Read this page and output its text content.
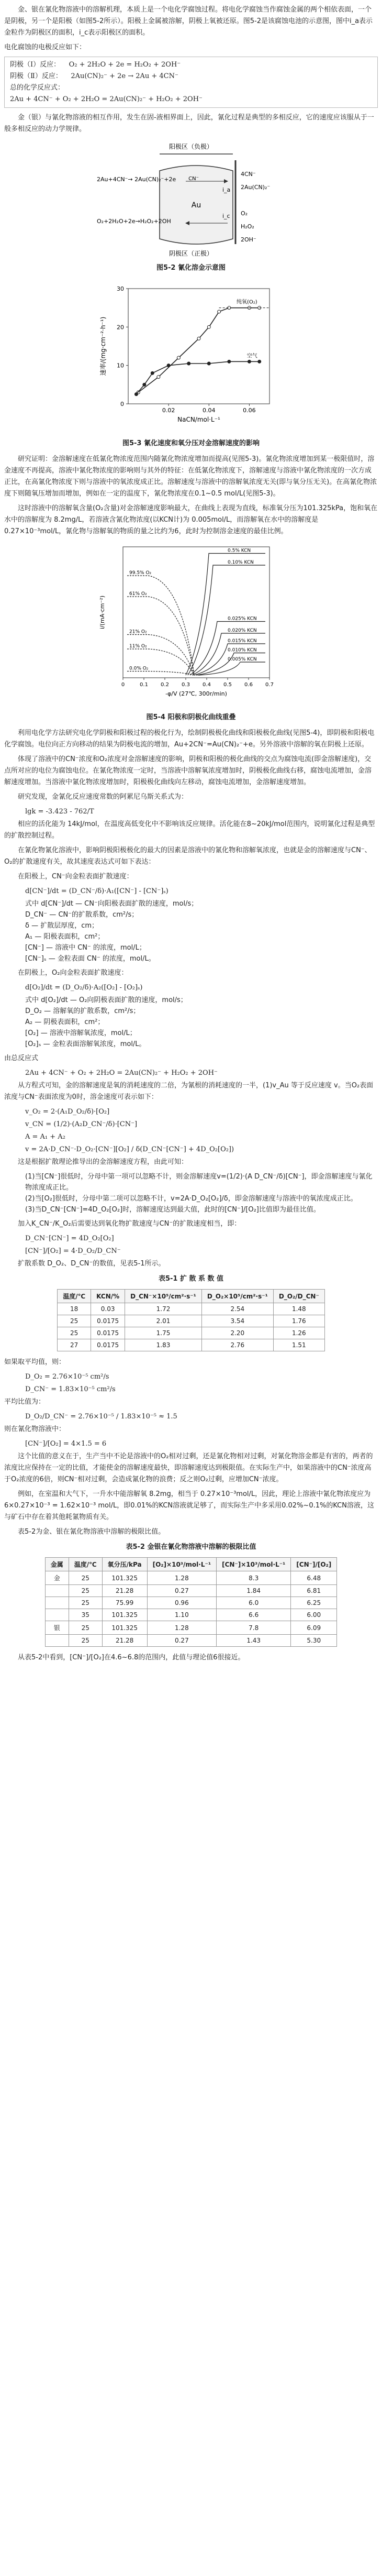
金、银在氰化物溶液中的溶解机理，本质上是一个电化学腐蚀过程。将电化学腐蚀当作腐蚀金属的两个相依表面，一个是阴极，另一个是阳极（如图5-2所示）。阳极上金属被溶解，阴极上氧被还原。图5-2是该腐蚀电池的示意图，图中i_a表示金粒作为阴极区的面积，i_c表示阳极区的面积。

电化腐蚀的电极反应如下：

阴极（Ⅰ）反应：    O₂ + 2H₂O + 2e = H₂O₂ + 2OH⁻
阴极（Ⅱ）反应：    2Au(CN)₂⁻ + 2e → 2Au + 4CN⁻
总的化学反应式：
2Au + 4CN⁻ + O₂ + 2H₂O = 2Au(CN)₂⁻ + H₂O₂ + 2OH⁻

金（银）与氰化物溶液的相互作用，发生在固-液相界面上，因此，氰化过程是典型的多相反应，它的速度应该服从于一般多相反应的动力学规律。

阳极区（负极）
Au
CN⁻
2Au+4CN⁻→ 2Au(CN)₂⁻+2e
O₂+2H₂O+2e→H₂O₂+2OH
i_a
i_c
4CN⁻
2Au(CN)₂⁻
O₂
H₂O₂
2OH⁻
阴极区（正极）
图5-2 氰化溶金示意图
0
10
20
30
0.02	0.04	0.06
NaCN/mol·L⁻¹
速率/(mg·cm⁻²·h⁻¹)
纯氧(O₂)
空气
图5-3 氰化速度和氧分压对金溶解速度的影响

研究证明：金溶解速度在低氰化物浓度范围内随氰化物浓度增加而提高(见图5-3)。氰化物浓度增加到某一极限值时，溶金速度不再提高，溶液中氰化物浓度的影响则与其外的特征：在低氰化物浓度下，溶解速度与溶液中氰化物浓度的一次方成正比，在高氰化物浓度下则与溶液中的氧浓度成正比。溶解速度与溶液中的溶解氧浓度无关(即与氧分压无关)。在高氰化物浓度下则随氧压增加而增加，例如在一定的温度下，氰化物浓度在0.1~0.5 mol/L(见图5-3)。

这时溶液中的溶解氧含量(O₂含量)对金溶解速度影响最大，在曲线上表现为直线，标准氧分压为101.325kPa，饱和氧在水中的溶解度为 8.2mg/L，若溶液含氰化物浓度(以KCN计)为 0.005mol/L，而溶解氧在水中的溶解度是 0.27×10⁻³mol/L，氰化物与溶解氧的物质的量之比约为6，此时为控制溶金速度的最佳比例。

0	0.1 0.2 0.3 0.4 0.5 0.6 0.7
-φ/V (27℃, 300r/min)
i/(mA·cm⁻²)
0.5% KCN
0.10% KCN
0.025% KCN
0.020% KCN
0.015% KCN
0.010% KCN
0.005% KCN
99.5% O₂
61% O₂
21% O₂
11% O₂
0.0% O₂
图5-4 阳极和阴极化曲线重叠

利用电化学方法研究电化学阴极和阳极过程的极化行为，绘制阴极极化曲线和阳极极化曲线(见图5-4)，即阴极和阳极电化学腐蚀。电位向正方向移动的结果为阴极电流的增加，Au+2CN⁻=Au(CN)₂⁻+e。另外溶液中溶解的氧在阴极上还原。

体现了溶液中的CN⁻浓度和O₂浓度对金溶解速度的影响，阴极和阳极的极化曲线的交点为腐蚀电流(即金溶解速度)，交点所对应的电位为腐蚀电位。在氰化物浓度一定时，当溶液中溶解氧浓度增加时，阴极极化曲线右移，腐蚀电流增加，金溶解速度增加。当溶液中氰化物浓度增加时，阳极极化曲线向左移动，腐蚀电流增加，金溶解速度增加。

研究发现，金氰化反应速度常数的阿累尼乌斯关系式为：

lgk = -3.423 - 762/T

相应的活化能为 14kJ/mol，在温度高低变化中不影响该反应规律。活化能在8~20kJ/mol范围内，说明氰化过程是典型的扩散控制过程。

在氰化物氰化溶液中，影响阴极阳极极化的最大的因素是溶液中的氰化物和溶解氧浓度，也就是金的溶解速度与CN⁻、O₂的扩散速度有关，故其速度表达式可如下表达：

在阳极上，CN⁻向金粒表面扩散速度：

d[CN⁻]/dt = (D_CN⁻/δ)·A₁([CN⁻] - [CN⁻]ₛ)
式中 d[CN⁻]/dt — CN⁻向阳极表面扩散的速度，mol/s；
D_CN⁻ — CN⁻的扩散系数，cm²/s；
δ — 扩散层厚度，cm；
A₁ — 阳极表面积，cm²；
[CN⁻] — 溶液中 CN⁻ 的浓度，mol/L；
[CN⁻]ₛ — 金粒表面 CN⁻ 的浓度，mol/L。

在阴极上，O₂向金粒表面扩散速度：

d[O₂]/dt = (D_O₂/δ)·A₂([O₂] - [O₂]ₛ)
式中 d[O₂]/dt — O₂向阴极表面扩散的速度，mol/s；
D_O₂ — 溶解氧的扩散系数，cm²/s；
A₂ — 阴极表面积，cm²；
[O₂] — 溶液中溶解氧浓度，mol/L；
[O₂]ₛ — 金粒表面溶解氧浓度，mol/L。

由总反应式

2Au + 4CN⁻ + O₂ + 2H₂O = 2Au(CN)₂⁻ + H₂O₂ + 2OH⁻

从方程式可知，金的溶解速度是氧的消耗速度的二倍，为氰根的消耗速度的一半，(1)v_Au 等于反应速度 v。当O₂表面浓度与CN⁻表面浓度为0时，溶金速度可表示如下：

v_O₂ = 2·(A₁D_O₂/δ)·[O₂]
v_CN = (1/2)·(A₂D_CN⁻/δ)·[CN⁻]
A = A₁ + A₂
v = 2A·D_CN⁻·D_O₂·[CN⁻][O₂] / δ(D_CN⁻[CN⁻] + 4D_O₂[O₂])

这是根据扩散理论推导出的金溶解速度方程，由此可知：

(1)当[CN⁻]很低时，分母中第一项可以忽略不计，则金溶解速度v=(1/2)·(A D_CN⁻/δ)[CN⁻]，即金溶解速度与氰化物浓度成正比。
(2)当[O₂]很低时，分母中第二项可以忽略不计，v=2A·D_O₂[O₂]/δ，即金溶解速度与溶液中的氧浓度成正比。
(3)当D_CN⁻[CN⁻]=4D_O₂[O₂]时，溶解速度达到最大值，此时的[CN⁻]/[O₂]比值即为最佳比值。

加入K_CN⁻/K_O₂后需要达到氧化物扩散速度与CN⁻的扩散速度相当，即：

D_CN⁻[CN⁻] = 4D_O₂[O₂]
[CN⁻]/[O₂] = 4·D_O₂/D_CN⁻

扩散系数 D_O₂、D_CN⁻的数值，见表5-1所示。

表5-1 扩 散 系 数 值
温度/℃	KCN/%	D_CN⁻×10⁵/cm²·s⁻¹	D_O₂×10⁵/cm²·s⁻¹	D_O₂/D_CN⁻
18	0.03	1.72	2.54	1.48
25	0.0175	2.01	3.54	1.76
25	0.0175	1.75	2.20	1.26
27	0.0175	1.83	2.76	1.51

如果取平均值，则：

D_O₂ = 2.76×10⁻⁵ cm²/s
D_CN⁻ = 1.83×10⁻⁵ cm²/s

平均比值为：

D_O₂/D_CN⁻ = 2.76×10⁻⁵ / 1.83×10⁻⁵ ≈ 1.5

则在氰化物溶液中：

[CN⁻]/[O₂] = 4×1.5 = 6

这个比值的意义在于，生产当中不论是溶液中的O₂相对过剩，还是氰化物相对过剩，对氰化物溶金都是有害的，两者的浓度比应保持在一定的比值，才能使金的溶解速度最快，即溶解速度达到极限值。在实际生产中，如果溶液中的CN⁻浓度高于O₂浓度的6倍，则CN⁻相对过剩，会造成氰化物的浪费；反之则O₂过剩，应增加CN⁻浓度。

例如，在室温和大气下，一升水中能溶解氧 8.2mg，相当于 0.27×10⁻³mol/L，因此，理论上溶液中氰化物浓度应为 6×0.27×10⁻³ = 1.62×10⁻³ mol/L，即0.01%的KCN溶液就足够了，而实际生产中多采用0.02%~0.1%的KCN溶液，这与矿石中存在着其他耗氰物质有关。

表5-2为金、银在氰化物溶液中溶解的极限比值。

表5-2 金银在氰化物溶液中溶解的极限比值
金属	温度/℃	氧分压/kPa	[O₂]×10³/mol·L⁻¹	[CN⁻]×10³/mol·L⁻¹	[CN⁻]/[O₂]
金	25	101.325	1.28	8.3	6.48
	25	21.28	0.27	1.84	6.81
	25	75.99	0.96	6.0	6.25
	35	101.325	1.10	6.6	6.00
银	25	101.325	1.28	7.8	6.09
	25	21.28	0.27	1.43	5.30

从表5-2中看到，[CN⁻]/[O₂]在4.6~6.8的范围内，此值与理论值6很接近。
